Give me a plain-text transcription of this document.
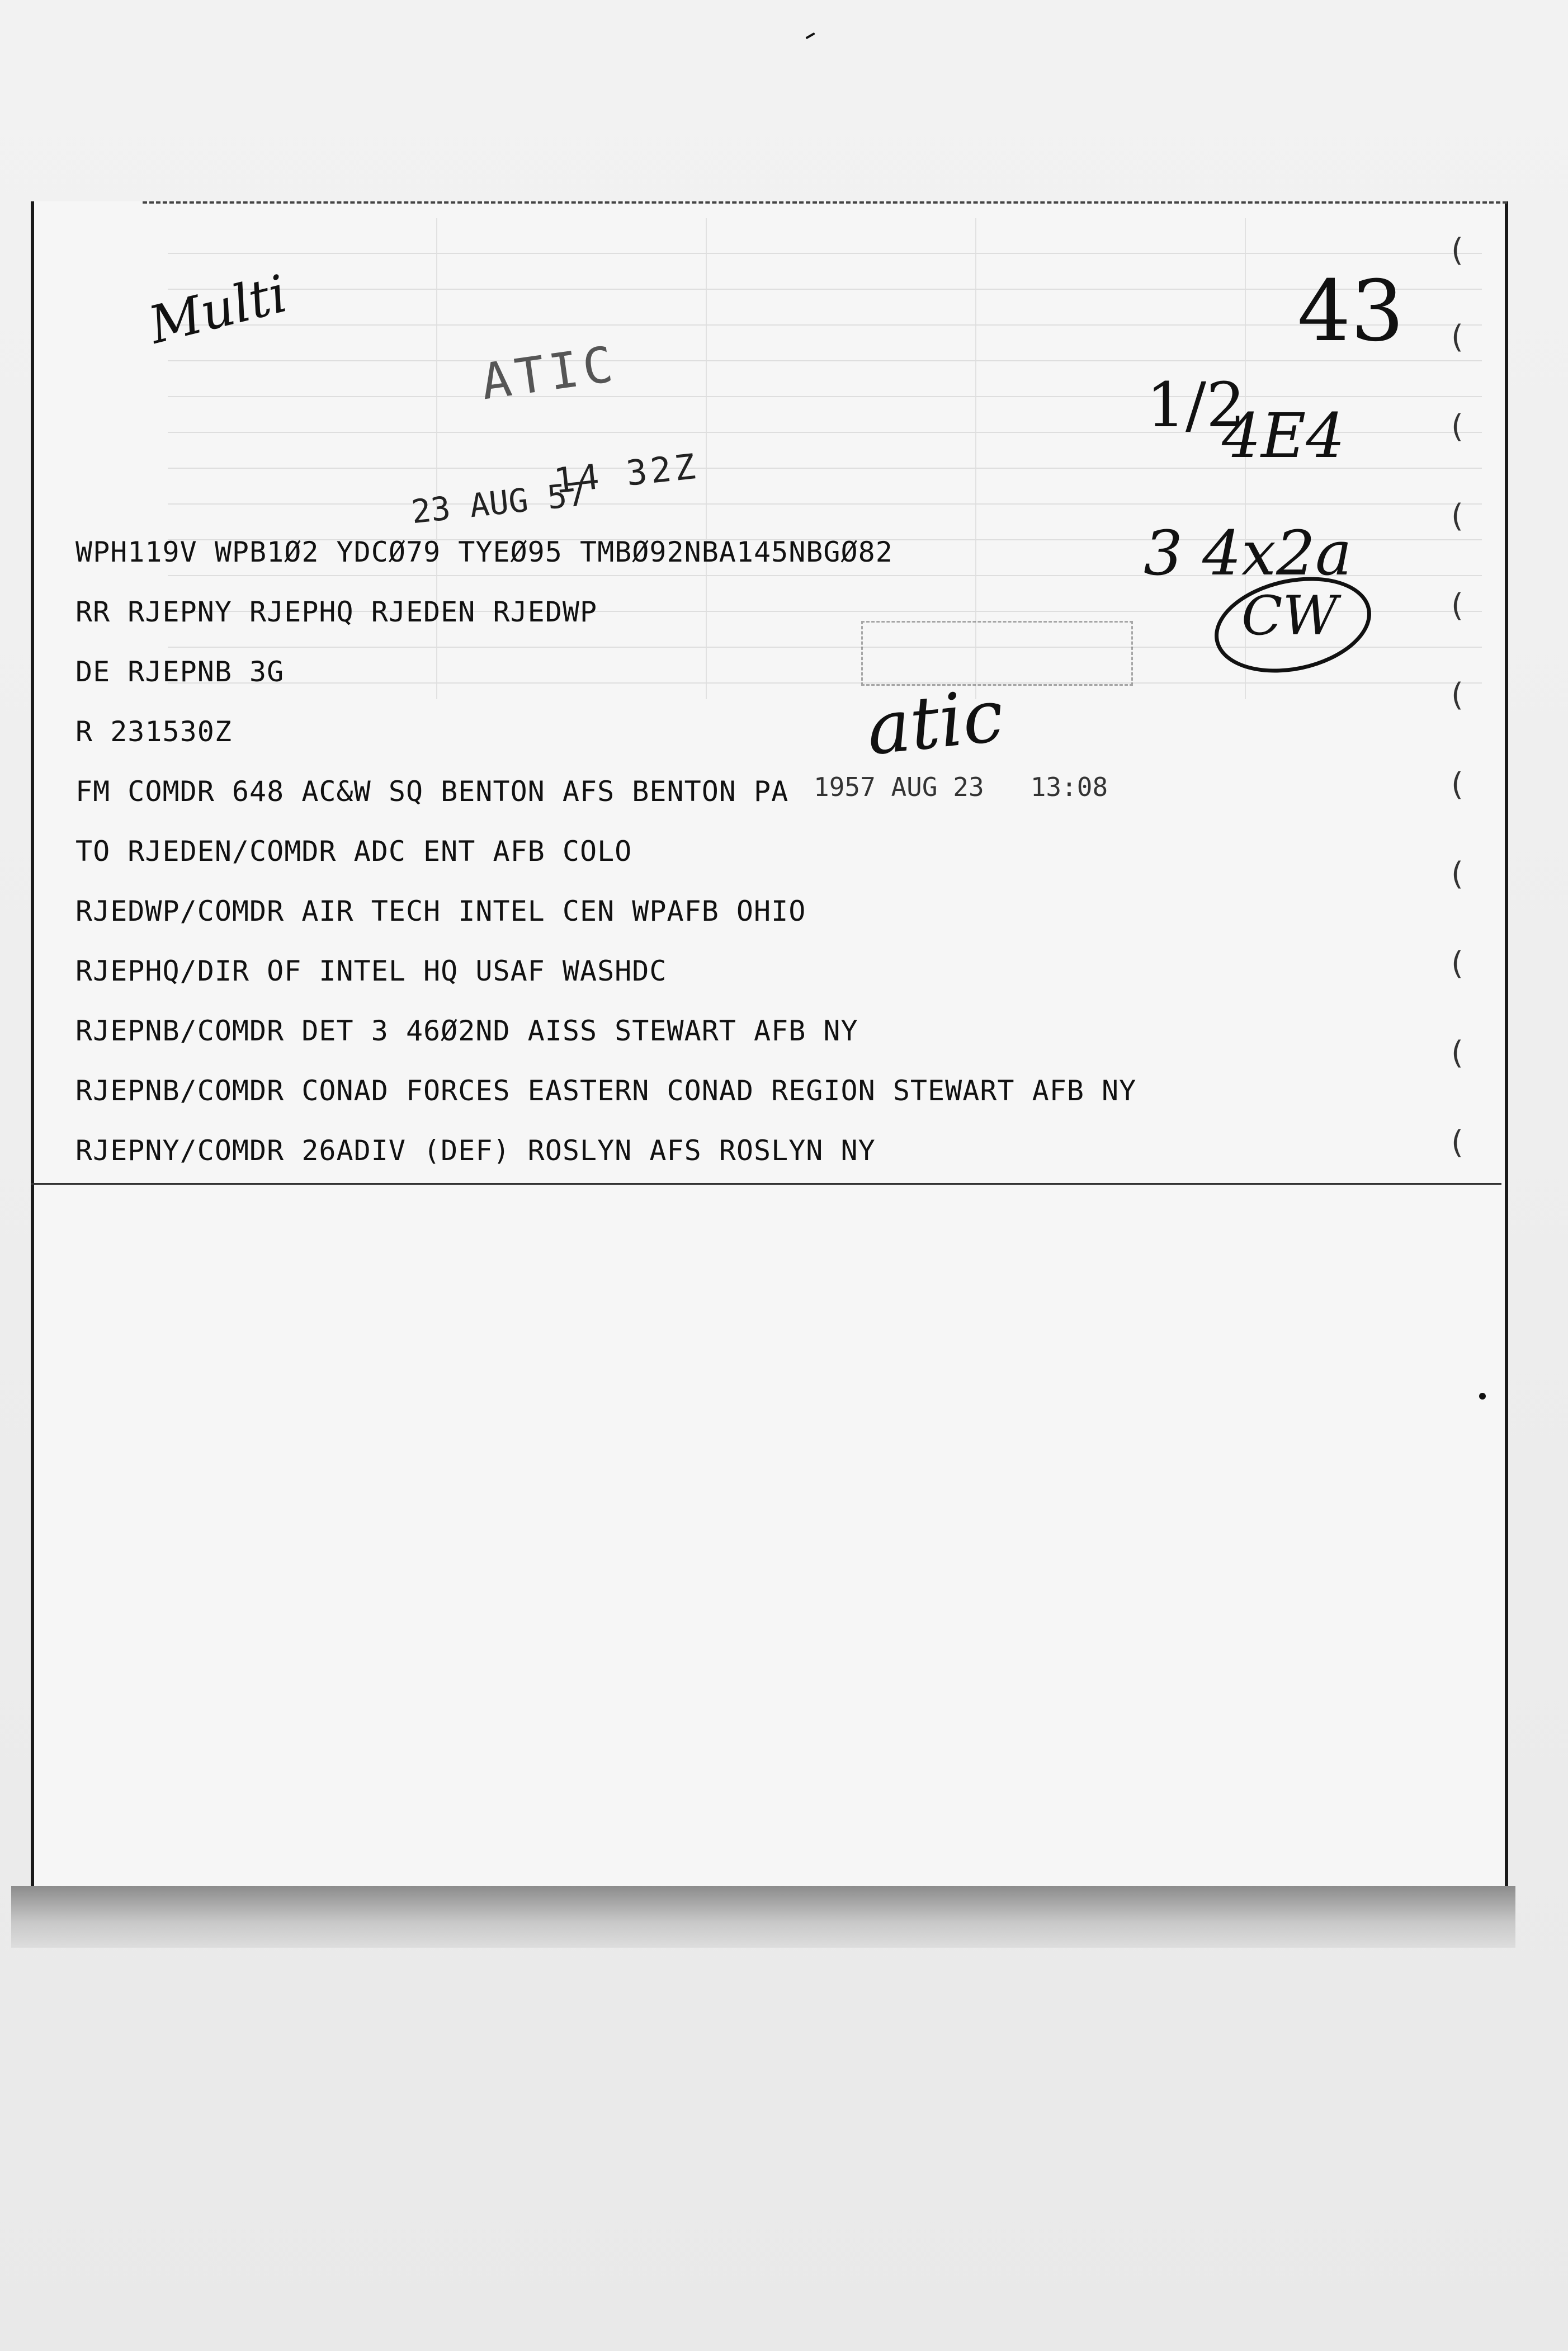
Multi	43
ATIC
23 AUG 57
14 32Z
1/2
4E4
3 4x2a
CW
atic
1957 AUG 23   13:08
WPH119V WPB1Ø2 YDCØ79 TYEØ95 TMBØ92NBA145NBGØ82
RR RJEPNY RJEPHQ RJEDEN RJEDWP
DE RJEPNB 3G
R 231530Z
FM COMDR 648 AC&W SQ BENTON AFS BENTON PA
TO RJEDEN/COMDR ADC ENT AFB COLO
RJEDWP/COMDR AIR TECH INTEL CEN WPAFB OHIO
RJEPHQ/DIR OF INTEL HQ USAF WASHDC
RJEPNB/COMDR DET 3 46Ø2ND AISS STEWART AFB NY
RJEPNB/COMDR CONAD FORCES EASTERN CONAD REGION STEWART AFB NY
RJEPNY/COMDR 26ADIV (DEF) ROSLYN AFS ROSLYN NY
(
(
(
(
(
(
(
(
(
(
(
